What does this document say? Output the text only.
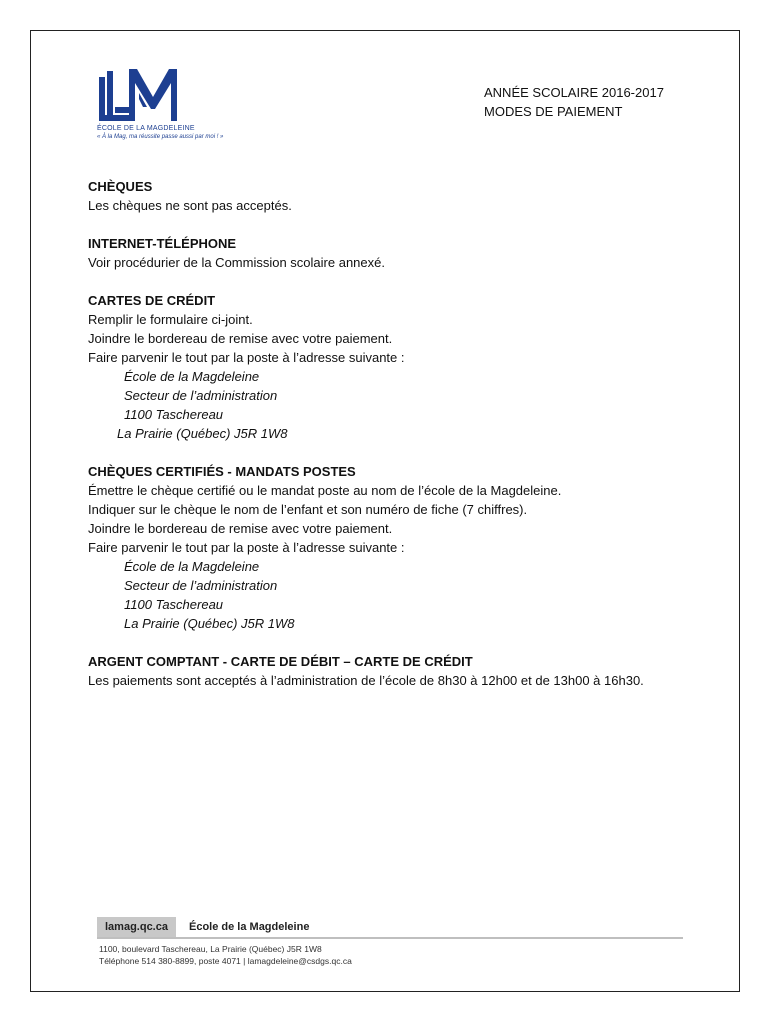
ÉCOLE DE LA MAGDELEINE
« À la Mag, ma réussite passe aussi par moi ! »
ANNÉE SCOLAIRE 2016-2017
MODES DE PAIEMENT
CHÈQUES
Les chèques ne sont pas acceptés.
INTERNET-TÉLÉPHONE
Voir procédurier de la Commission scolaire annexé.
CARTES DE CRÉDIT
Remplir le formulaire ci-joint.
Joindre le bordereau de remise avec votre paiement.
Faire parvenir le tout par la poste à l’adresse suivante :
École de la Magdeleine
Secteur de l’administration
1100 Taschereau
La Prairie (Québec) J5R 1W8
CHÈQUES CERTIFIÉS - MANDATS POSTES
Émettre le chèque certifié ou le mandat poste au nom de l’école de la Magdeleine.
Indiquer sur le chèque le nom de l’enfant et son numéro de fiche (7 chiffres).
Joindre le bordereau de remise avec votre paiement.
Faire parvenir le tout par la poste à l’adresse suivante :
École de la Magdeleine
Secteur de l’administration
1100 Taschereau
La Prairie (Québec) J5R 1W8
ARGENT COMPTANT - CARTE DE DÉBIT – CARTE DE CRÉDIT
Les paiements sont acceptés à l’administration de l’école de 8h30 à 12h00 et de 13h00 à 16h30.
lamag.qc.ca	École de la Magdeleine
1100, boulevard Taschereau, La Prairie (Québec) J5R 1W8
Téléphone 514 380-8899, poste 4071 | lamagdeleine@csdgs.qc.ca
